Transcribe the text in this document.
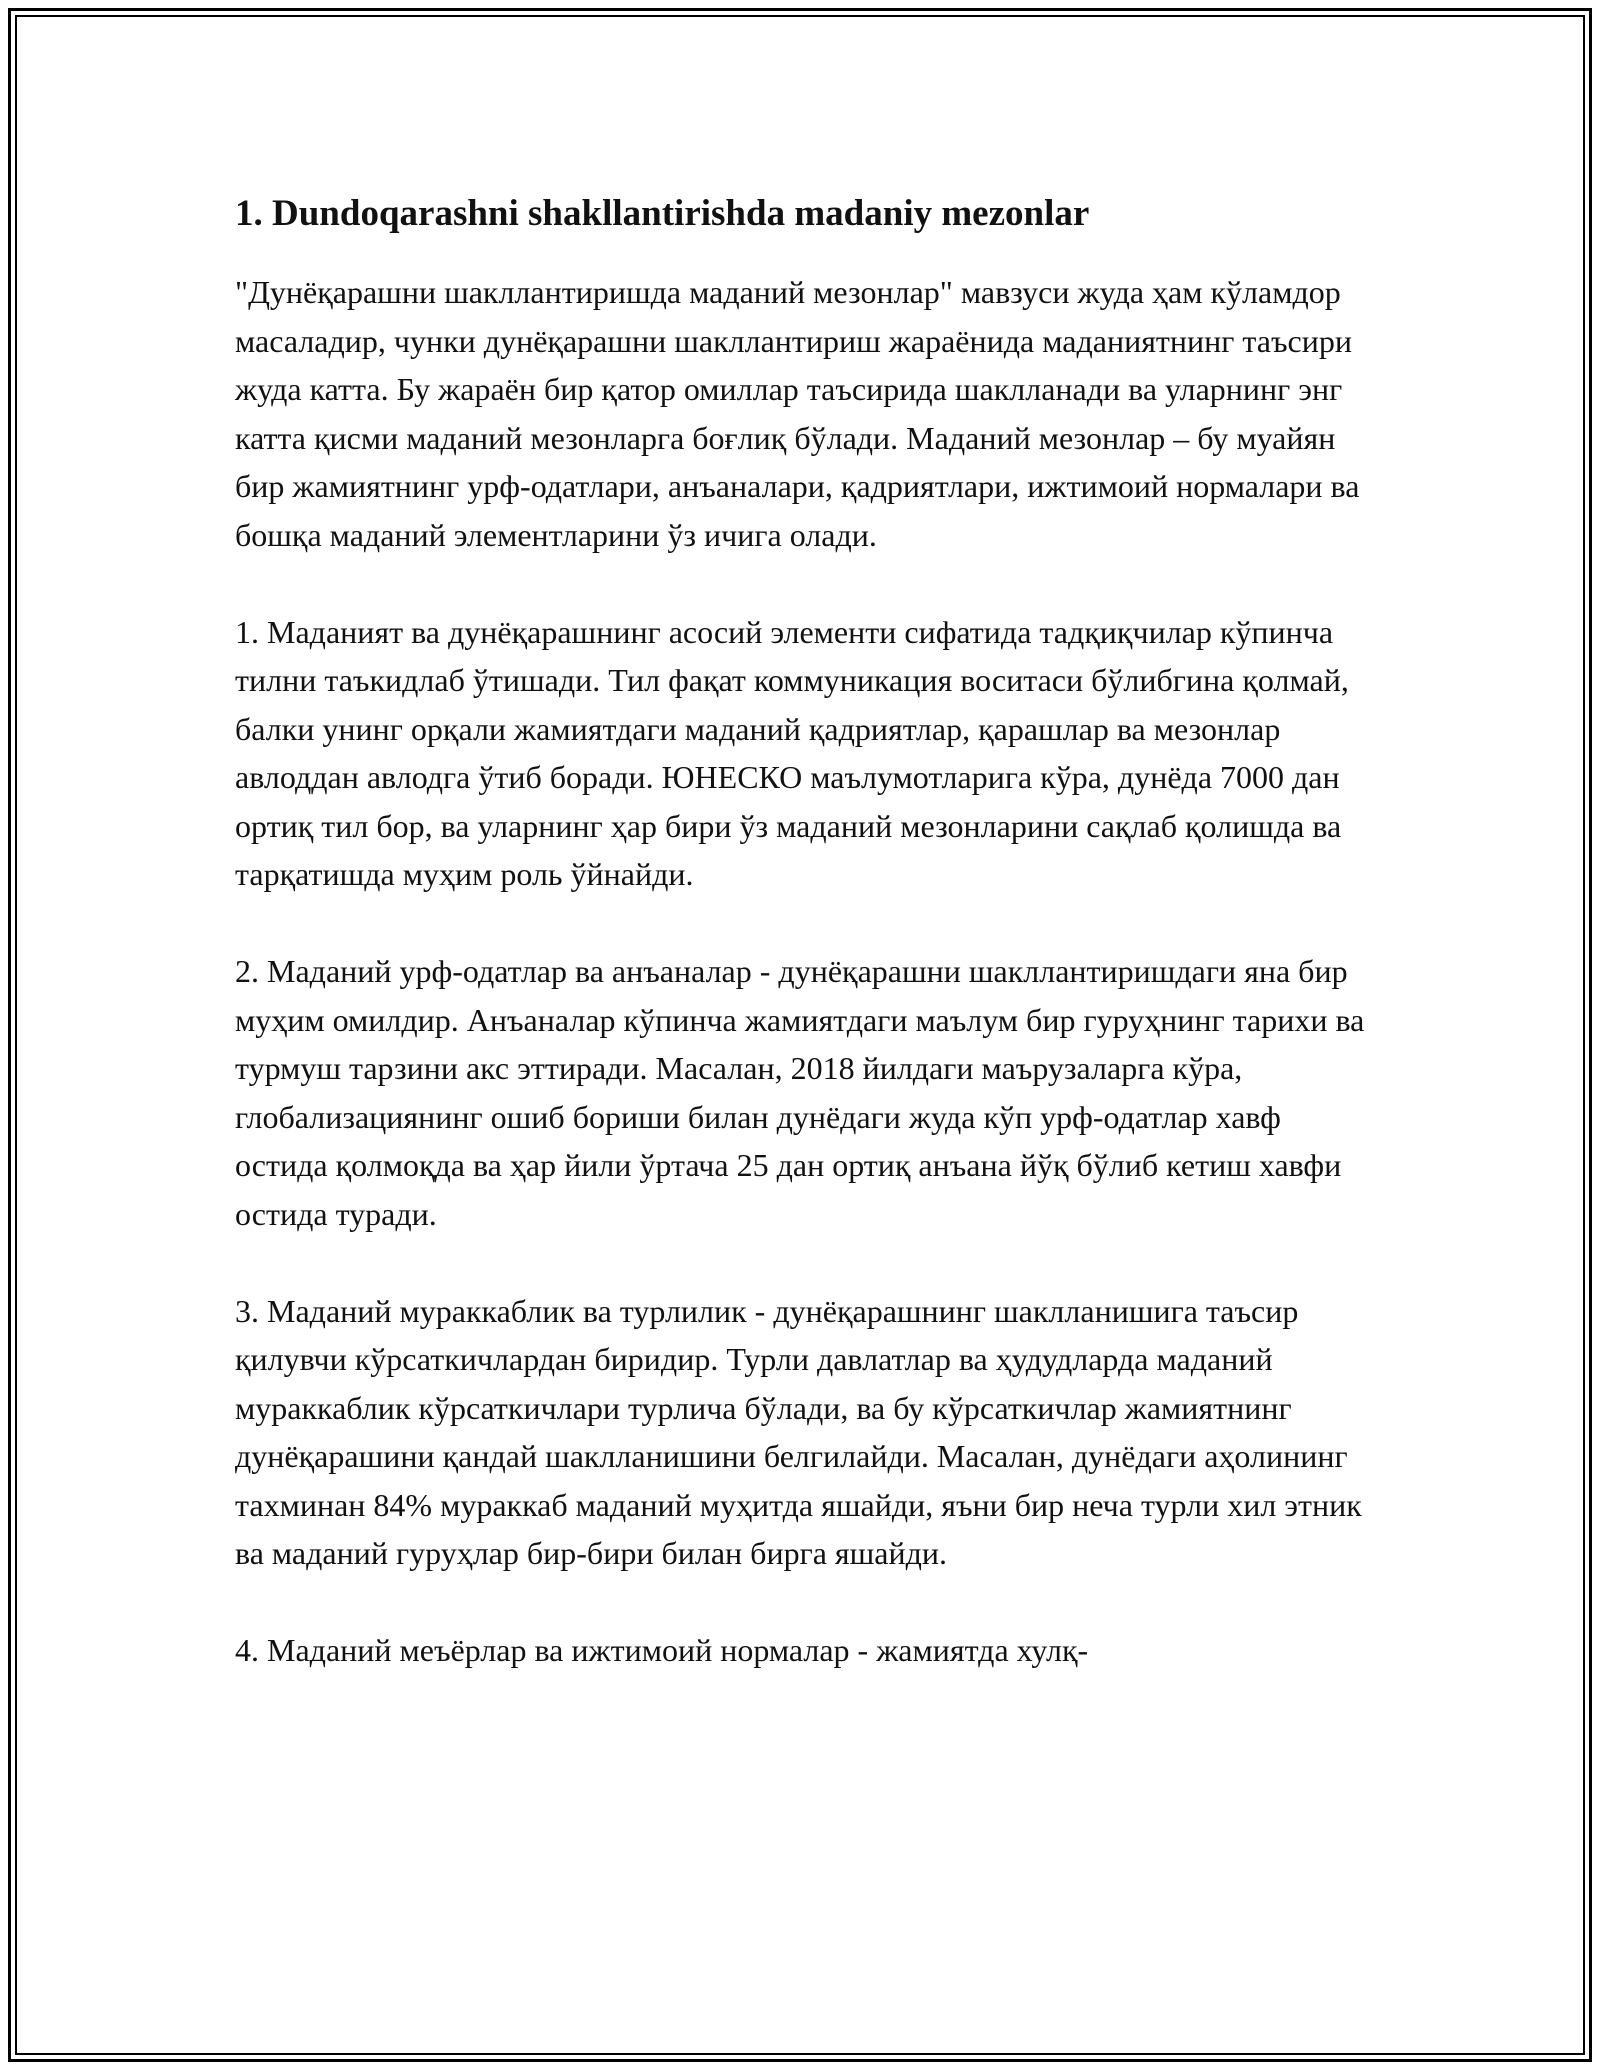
1. Dundoqarashni shakllantirishda madaniy mezonlar

"Дунёқарашни шакллантиришда маданий мезонлар" мавзуси жуда ҳам кўламдор масаладир, чунки дунёқарашни шакллантириш жараёнида маданиятнинг таъсири жуда катта. Бу жараён бир қатор омиллар таъсирида шаклланади ва уларнинг энг катта қисми маданий мезонларга боғлиқ бўлади. Маданий мезонлар – бу муайян бир жамиятнинг урф-одатлари, анъаналари, қадриятлари, ижтимоий нормалари ва бошқа маданий элементларини ўз ичига олади.

1. Маданият ва дунёқарашнинг асосий элементи сифатида тадқиқчилар кўпинча тилни таъкидлаб ўтишади. Тил фақат коммуникация воситаси бўлибгина қолмай, балки унинг орқали жамиятдаги маданий қадриятлар, қарашлар ва мезонлар авлоддан авлодга ўтиб боради. ЮНЕСКО маълумотларига кўра, дунёда 7000 дан ортиқ тил бор, ва уларнинг ҳар бири ўз маданий мезонларини сақлаб қолишда ва тарқатишда муҳим роль ўйнайди.

2. Маданий урф-одатлар ва анъаналар - дунёқарашни шакллантиришдаги яна бир муҳим омилдир. Анъаналар кўпинча жамиятдаги маълум бир гуруҳнинг тарихи ва турмуш тарзини акс эттиради. Масалан, 2018 йилдаги маърузаларга кўра, глобализациянинг ошиб бориши билан дунёдаги жуда кўп урф-одатлар хавф остида қолмоқда ва ҳар йили ўртача 25 дан ортиқ анъана йўқ бўлиб кетиш хавфи остида туради.

3. Маданий мураккаблик ва турлилик - дунёқарашнинг шаклланишига таъсир қилувчи кўрсаткичлардан биридир. Турли давлатлар ва ҳудудларда маданий мураккаблик кўрсаткичлари турлича бўлади, ва бу кўрсаткичлар жамиятнинг дунёқарашини қандай шаклланишини белгилайди. Масалан, дунёдаги аҳолининг тахминан 84% мураккаб маданий муҳитда яшайди, яъни бир неча турли хил этник ва маданий гуруҳлар бир-бири билан бирга яшайди.

4. Маданий меъёрлар ва ижтимоий нормалар - жамиятда хулқ-
